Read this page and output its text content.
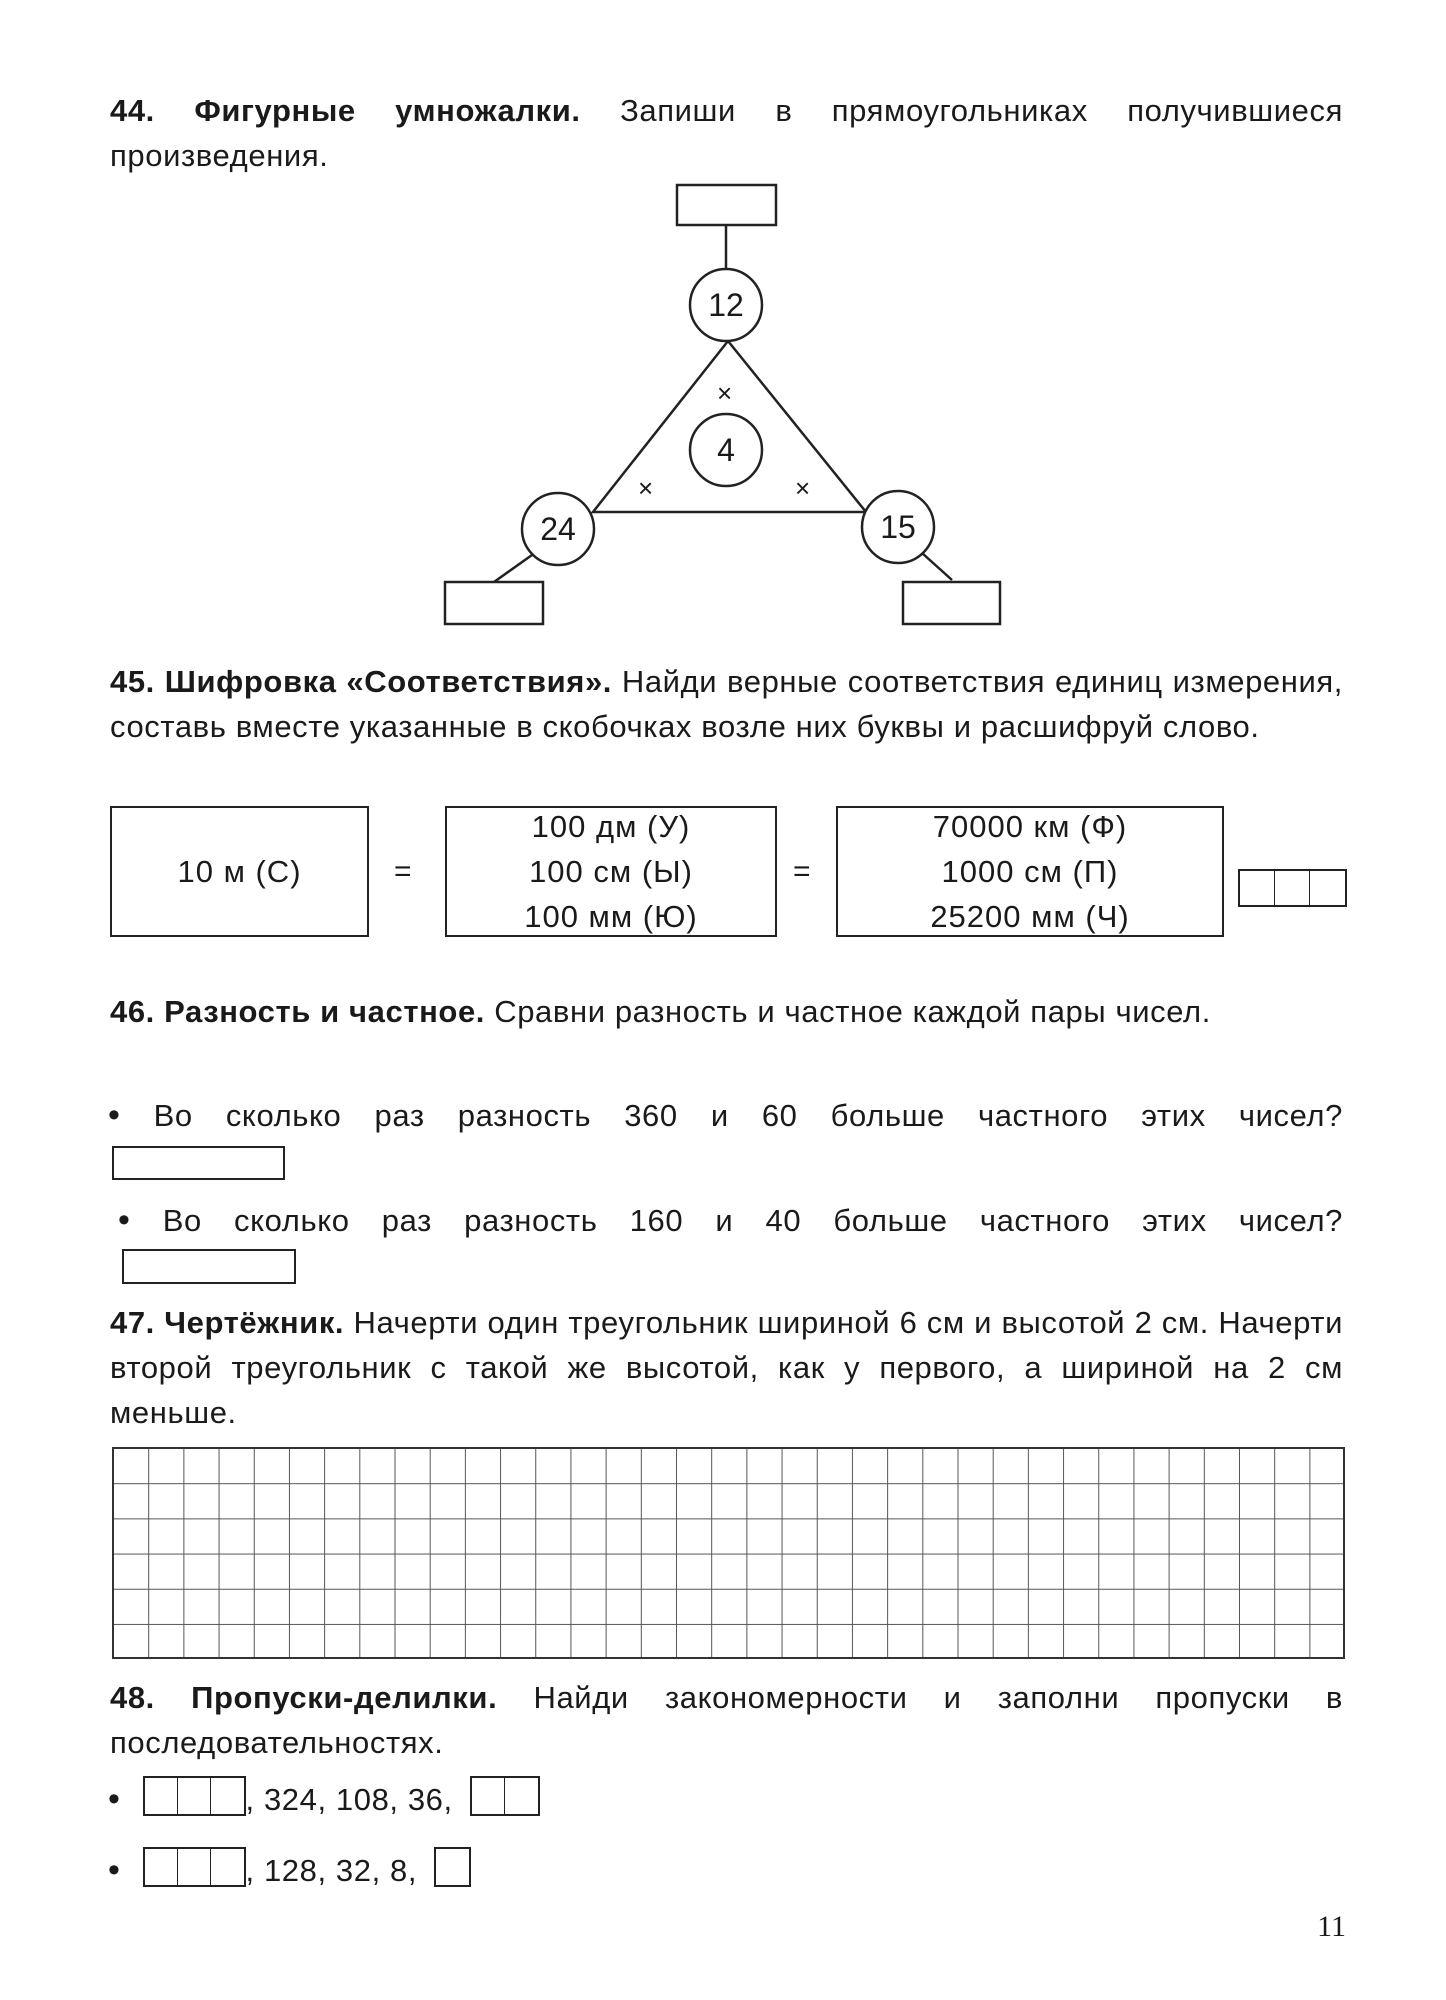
44. Фигурные умножалки. Запиши в прямоугольниках получившиеся произведения.

12
4
24	15
×
×	×

45. Шифровка «Соответствия». Найди верные соответствия единиц измерения, составь вместе указанные в скобочках возле них буквы и расшифруй слово.

10 м (С)	=
100 дм (У)
100 см (Ы)
100 мм (Ю)
=
70000 км (Ф)
1000 см (П)
25200 мм (Ч)

46. Разность и частное. Сравни разность и частное каждой пары чисел.

• Во сколько раз разность 360 и 60 больше частного этих чисел?
• Во сколько раз разность 160 и 40 больше частного этих чисел?

47. Чертёжник. Начерти один треугольник шириной 6 см и высотой 2 см. Начерти второй треугольник с такой же высотой, как у первого, а шириной на 2 см меньше.

48. Пропуски-делилки. Найди закономерности и заполни пропуски в последовательностях.

•	, 324, 108, 36,
•	, 128, 32, 8,
11
